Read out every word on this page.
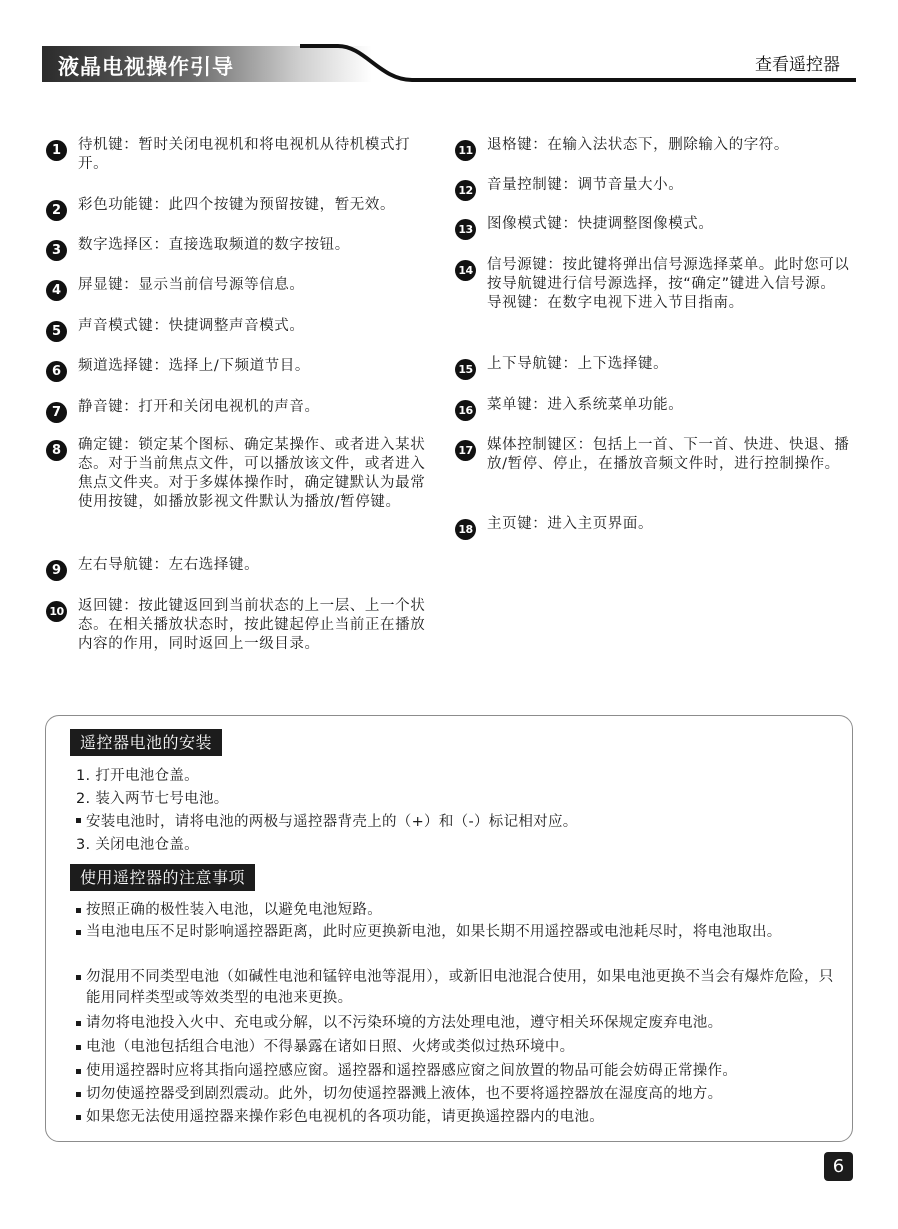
液晶电视操作引导	查看遥控器
1	待机键：暂时关闭电视机和将电视机从待机模式打开。
2	彩色功能键：此四个按键为预留按键，暂无效。
3	数字选择区：直接选取频道的数字按钮。
4	屏显键：显示当前信号源等信息。
5	声音模式键：快捷调整声音模式。
6	频道选择键：选择上/下频道节目。
7	静音键：打开和关闭电视机的声音。
8	确定键：锁定某个图标、确定某操作、或者进入某状态。对于当前焦点文件，可以播放该文件，或者进入焦点文件夹。对于多媒体操作时，确定键默认为最常使用按键，如播放影视文件默认为播放/暂停键。
9	左右导航键：左右选择键。
10 返回键：按此键返回到当前状态的上一层、上一个状态。在相关播放状态时，按此键起停止当前正在播放内容的作用，同时返回上一级目录。
11 退格键：在输入法状态下，删除输入的字符。
12 音量控制键：调节音量大小。
13 图像模式键：快捷调整图像模式。
14 信号源键：按此键将弹出信号源选择菜单。此时您可以按导航键进行信号源选择，按“确定”键进入信号源。导视键：在数字电视下进入节目指南。
15 上下导航键：上下选择键。
16 菜单键：进入系统菜单功能。
17 媒体控制键区：包括上一首、下一首、快进、快退、播放/暂停、停止，在播放音频文件时，进行控制操作。
18 主页键：进入主页界面。
遥控器电池的安装
1. 打开电池仓盖。
2. 装入两节七号电池。
安装电池时，请将电池的两极与遥控器背壳上的（+）和（-）标记相对应。
3. 关闭电池仓盖。
使用遥控器的注意事项
按照正确的极性装入电池，以避免电池短路。
当电池电压不足时影响遥控器距离，此时应更换新电池，如果长期不用遥控器或电池耗尽时，将电池取出。
勿混用不同类型电池（如碱性电池和锰锌电池等混用），或新旧电池混合使用，如果电池更换不当会有爆炸危险，只能用同样类型或等效类型的电池来更换。
请勿将电池投入火中、充电或分解，以不污染环境的方法处理电池，遵守相关环保规定废弃电池。
电池（电池包括组合电池）不得暴露在诸如日照、火烤或类似过热环境中。
使用遥控器时应将其指向遥控感应窗。遥控器和遥控器感应窗之间放置的物品可能会妨碍正常操作。
切勿使遥控器受到剧烈震动。此外，切勿使遥控器溅上液体，也不要将遥控器放在湿度高的地方。
如果您无法使用遥控器来操作彩色电视机的各项功能，请更换遥控器内的电池。
6
